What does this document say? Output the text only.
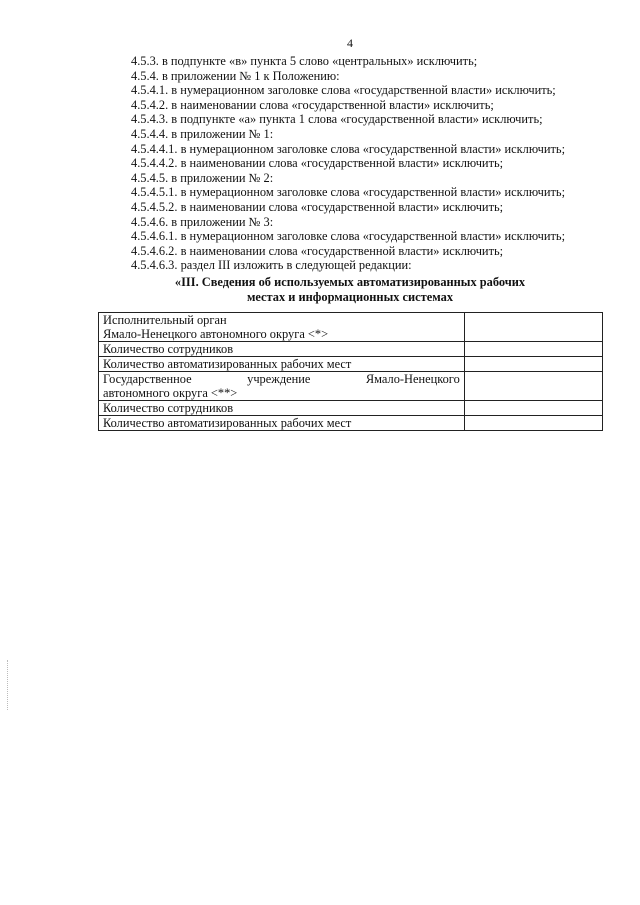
4

4.5.3. в подпункте «в» пункта 5 слово «центральных» исключить;

4.5.4. в приложении № 1 к Положению:

4.5.4.1. в нумерационном заголовке слова «государственной власти» исключить;

4.5.4.2. в наименовании слова «государственной власти» исключить;

4.5.4.3. в подпункте «а» пункта 1 слова «государственной власти» исключить;

4.5.4.4. в приложении № 1:

4.5.4.4.1. в нумерационном заголовке слова «государственной власти» исключить;

4.5.4.4.2. в наименовании слова «государственной власти» исключить;

4.5.4.5. в приложении № 2:

4.5.4.5.1. в нумерационном заголовке слова «государственной власти» исключить;

4.5.4.5.2. в наименовании слова «государственной власти» исключить;

4.5.4.6. в приложении № 3:

4.5.4.6.1. в нумерационном заголовке слова «государственной власти» исключить;

4.5.4.6.2. в наименовании слова «государственной власти» исключить;

4.5.4.6.3. раздел III изложить в следующей редакции:

«III. Сведения об используемых автоматизированных рабочих
местах и информационных системах
Исполнительный орган
Ямало-Ненецкого автономного округа <*>	

Количество сотрудников	
Количество автоматизированных рабочих мест	

Государственное учреждение Ямало-Ненецкого
автономного округа <**>	

Количество сотрудников	
Количество автоматизированных рабочих мест	
